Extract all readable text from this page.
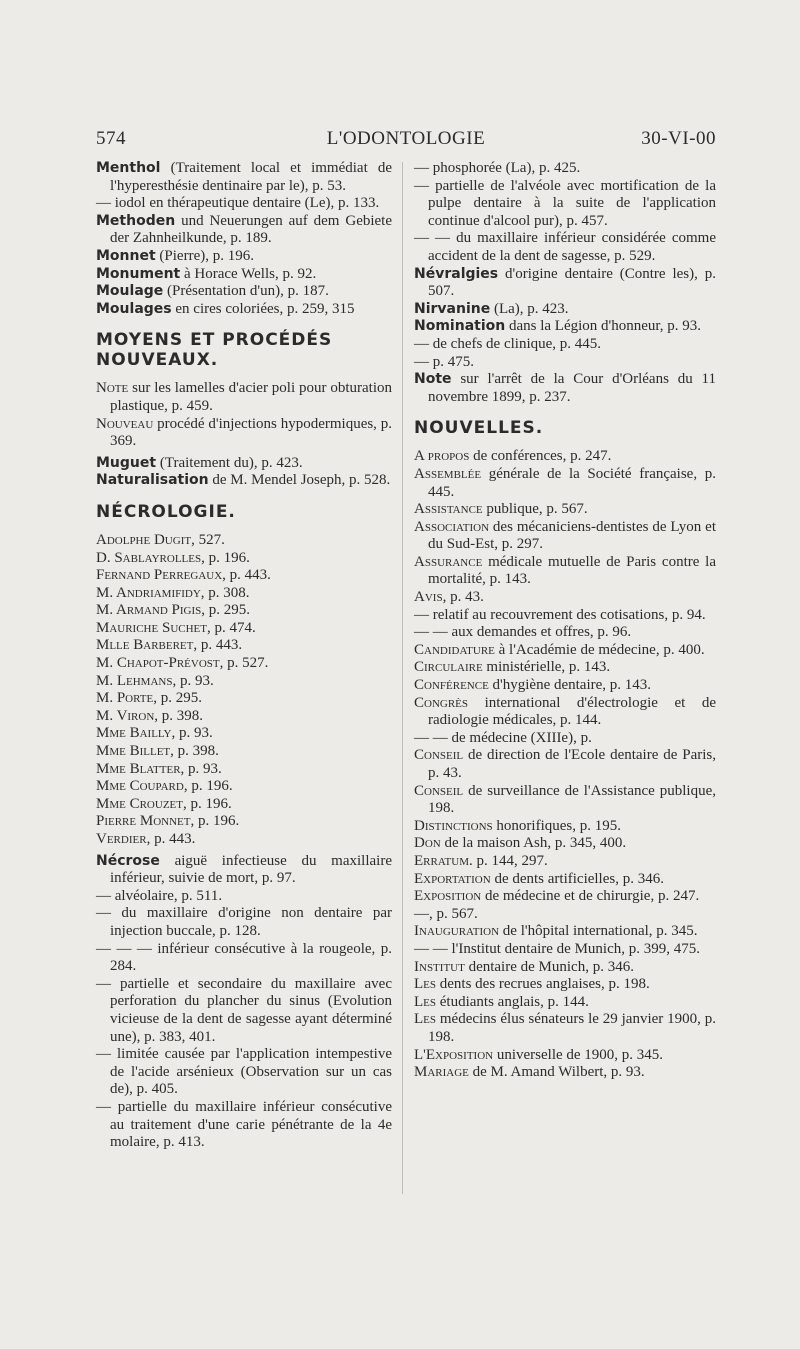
574	L'ODONTOLOGIE	30-VI-00

Menthol (Traitement local et immédiat de l'hyperesthésie dentinaire par le), p. 53.

— iodol en thérapeutique dentaire (Le), p. 133.

Methoden und Neuerungen auf dem Gebiete der Zahnheilkunde, p. 189.

Monnet (Pierre), p. 196.

Monument à Horace Wells, p. 92.

Moulage (Présentation d'un), p. 187.

Moulages en cires coloriées, p. 259, 315

MOYENS ET PROCÉDÉS NOUVEAUX.

Note sur les lamelles d'acier poli pour obturation plastique, p. 459.

Nouveau procédé d'injections hypodermiques, p. 369.

Muguet (Traitement du), p. 423.

Naturalisation de M. Mendel Joseph, p. 528.

NÉCROLOGIE.

Adolphe Dugit, 527.

D. Sablayrolles, p. 196.

Fernand Perregaux, p. 443.

M. Andriamifidy, p. 308.

M. Armand Pigis, p. 295.

Mauriche Suchet, p. 474.

Mlle Barberet, p. 443.

M. Chapot-Prévost, p. 527.

M. Lehmans, p. 93.

M. Porte, p. 295.

M. Viron, p. 398.

Mme Bailly, p. 93.

Mme Billet, p. 398.

Mme Blatter, p. 93.

Mme Coupard, p. 196.

Mme Crouzet, p. 196.

Pierre Monnet, p. 196.

Verdier, p. 443.

Nécrose aiguë infectieuse du maxillaire inférieur, suivie de mort, p. 97.

— alvéolaire, p. 511.

— du maxillaire d'origine non dentaire par injection buccale, p. 128.

— — — inférieur consécutive à la rougeole, p. 284.

— partielle et secondaire du maxillaire avec perforation du plancher du sinus (Evolution vicieuse de la dent de sagesse ayant déterminé une), p. 383, 401.

— limitée causée par l'application intempestive de l'acide arsénieux (Observation sur un cas de), p. 405.

— partielle du maxillaire inférieur consécutive au traitement d'une carie pénétrante de la 4e molaire, p. 413.

— phosphorée (La), p. 425.

— partielle de l'alvéole avec mortification de la pulpe dentaire à la suite de l'application continue d'alcool pur), p. 457.

— — du maxillaire inférieur considérée comme accident de la dent de sagesse, p. 529.

Névralgies d'origine dentaire (Contre les), p. 507.

Nirvanine (La), p. 423.

Nomination dans la Légion d'honneur, p. 93.

— de chefs de clinique, p. 445.

— p. 475.

Note sur l'arrêt de la Cour d'Orléans du 11 novembre 1899, p. 237.

NOUVELLES.

A propos de conférences, p. 247.

Assemblée générale de la Société française, p. 445.

Assistance publique, p. 567.

Association des mécaniciens-dentistes de Lyon et du Sud-Est, p. 297.

Assurance médicale mutuelle de Paris contre la mortalité, p. 143.

Avis, p. 43.

— relatif au recouvrement des cotisations, p. 94.

— — aux demandes et offres, p. 96.

Candidature à l'Académie de médecine, p. 400.

Circulaire ministérielle, p. 143.

Conférence d'hygiène dentaire, p. 143.

Congrès international d'électrologie et de radiologie médicales, p. 144.

— — de médecine (XIIIe), p.

Conseil de direction de l'Ecole dentaire de Paris, p. 43.

Conseil de surveillance de l'Assistance publique, 198.

Distinctions honorifiques, p. 195.

Don de la maison Ash, p. 345, 400.

Erratum. p. 144, 297.

Exportation de dents artificielles, p. 346.

Exposition de médecine et de chirurgie, p. 247.

—, p. 567.

Inauguration de l'hôpital international, p. 345.

— — l'Institut dentaire de Munich, p. 399, 475.

Institut dentaire de Munich, p. 346.

Les dents des recrues anglaises, p. 198.

Les étudiants anglais, p. 144.

Les médecins élus sénateurs le 29 janvier 1900, p. 198.

L'Exposition universelle de 1900, p. 345.

Mariage de M. Amand Wilbert, p. 93.
